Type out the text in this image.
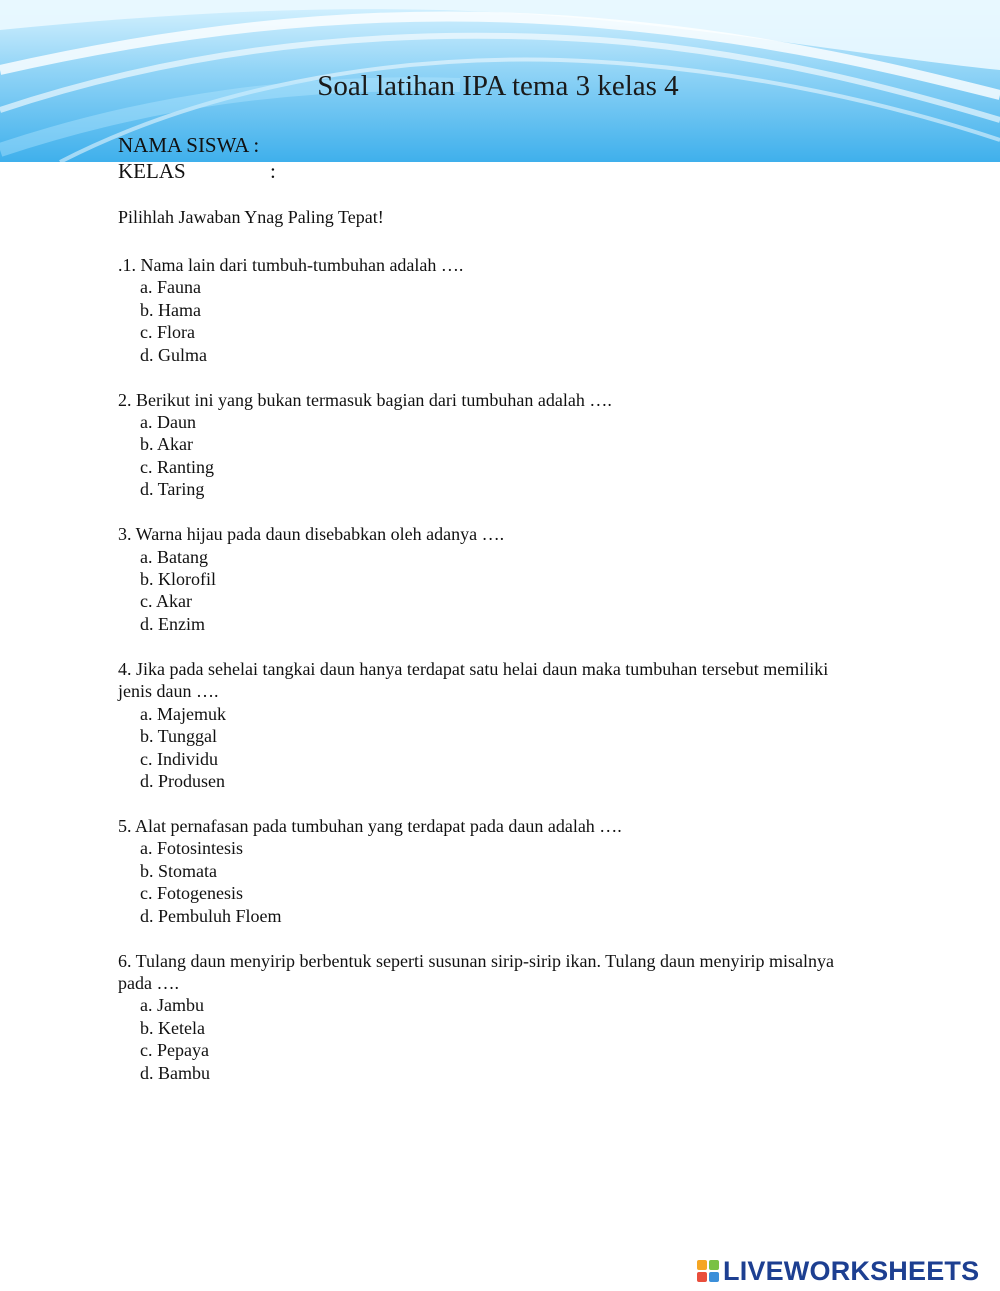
Soal latihan IPA tema 3 kelas 4
NAMA SISWA :
KELAS	:
Pilihlah Jawaban Ynag Paling Tepat!
.1. Nama lain dari tumbuh-tumbuhan adalah ….
a. Fauna
b. Hama
c. Flora
d. Gulma
2. Berikut ini yang bukan termasuk bagian dari tumbuhan adalah ….
a. Daun
b. Akar
c. Ranting
d. Taring
3. Warna hijau pada daun disebabkan oleh adanya ….
a. Batang
b. Klorofil
c. Akar
d. Enzim
4. Jika pada sehelai tangkai daun hanya terdapat satu helai daun maka tumbuhan tersebut memiliki jenis daun ….
a. Majemuk
b. Tunggal
c. Individu
d. Produsen
5. Alat pernafasan pada tumbuhan yang terdapat pada daun adalah ….
a. Fotosintesis
b. Stomata
c. Fotogenesis
d. Pembuluh Floem
6. Tulang daun menyirip berbentuk seperti susunan sirip-sirip ikan. Tulang daun menyirip misalnya pada ….
a. Jambu
b. Ketela
c. Pepaya
d. Bambu
LIVEWORKSHEETS
